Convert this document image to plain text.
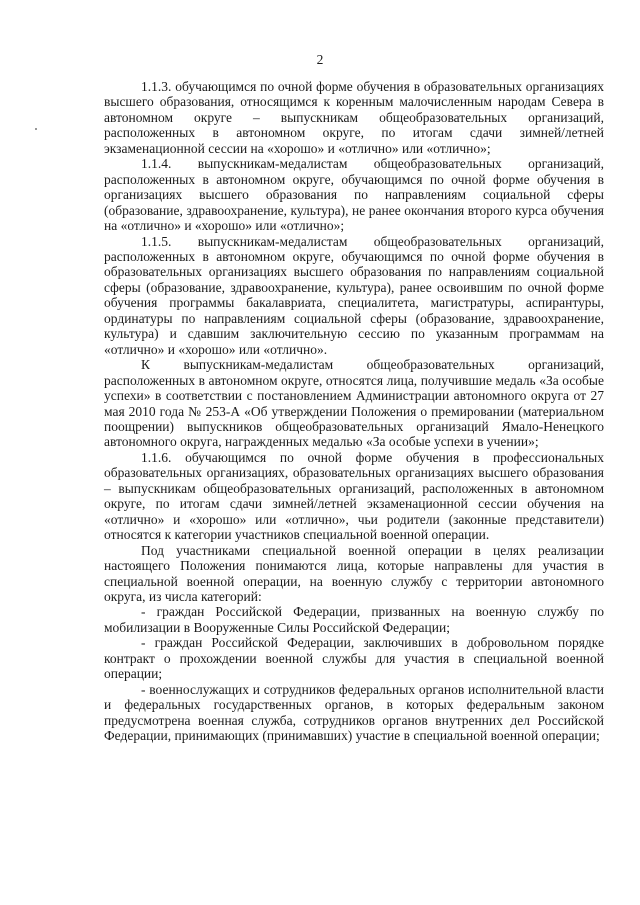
2

1.1.3. обучающимся по очной форме обучения в образовательных организациях высшего образования, относящимся к коренным малочисленным народам Севера в автономном округе – выпускникам общеобразовательных организаций, расположенных в автономном округе, по итогам сдачи зимней/летней экзаменационной сессии на «хорошо» и «отлично» или «отлично»;

1.1.4. выпускникам-медалистам общеобразовательных организаций, расположенных в автономном округе, обучающимся по очной форме обучения в организациях высшего образования по направлениям социальной сферы (образование, здравоохранение, культура), не ранее окончания второго курса обучения на «отлично» и «хорошо» или «отлично»;

1.1.5. выпускникам-медалистам общеобразовательных организаций, расположенных в автономном округе, обучающимся по очной форме обучения в образовательных организациях высшего образования по направлениям социальной сферы (образование, здравоохранение, культура), ранее освоившим по очной форме обучения программы бакалавриата, специалитета, магистратуры, аспирантуры, ординатуры по направлениям социальной сферы (образование, здравоохранение, культура) и сдавшим заключительную сессию по указанным программам на «отлично» и «хорошо» или «отлично».

К выпускникам-медалистам общеобразовательных организаций, расположенных в автономном округе, относятся лица, получившие медаль «За особые успехи» в соответствии с постановлением Администрации автономного округа от 27 мая 2010 года № 253-А «Об утверждении Положения о премировании (материальном поощрении) выпускников общеобразовательных организаций Ямало-Ненецкого автономного округа, награжденных медалью «За особые успехи в учении»;

1.1.6. обучающимся по очной форме обучения в профессиональных образовательных организациях, образовательных организациях высшего образования – выпускникам общеобразовательных организаций, расположенных в автономном округе, по итогам сдачи зимней/летней экзаменационной сессии обучения на «отлично» и «хорошо» или «отлично», чьи родители (законные представители) относятся к категории участников специальной военной операции.

Под участниками специальной военной операции в целях реализации настоящего Положения понимаются лица, которые направлены для участия в специальной военной операции, на военную службу с территории автономного округа, из числа категорий:

- граждан Российской Федерации, призванных на военную службу по мобилизации в Вооруженные Силы Российской Федерации;

- граждан Российской Федерации, заключивших в добровольном порядке контракт о прохождении военной службы для участия в специальной военной операции;

- военнослужащих и сотрудников федеральных органов исполнительной власти и федеральных государственных органов, в которых федеральным законом предусмотрена военная служба, сотрудников органов внутренних дел Российской Федерации, принимающих (принимавших) участие в специальной военной операции;
